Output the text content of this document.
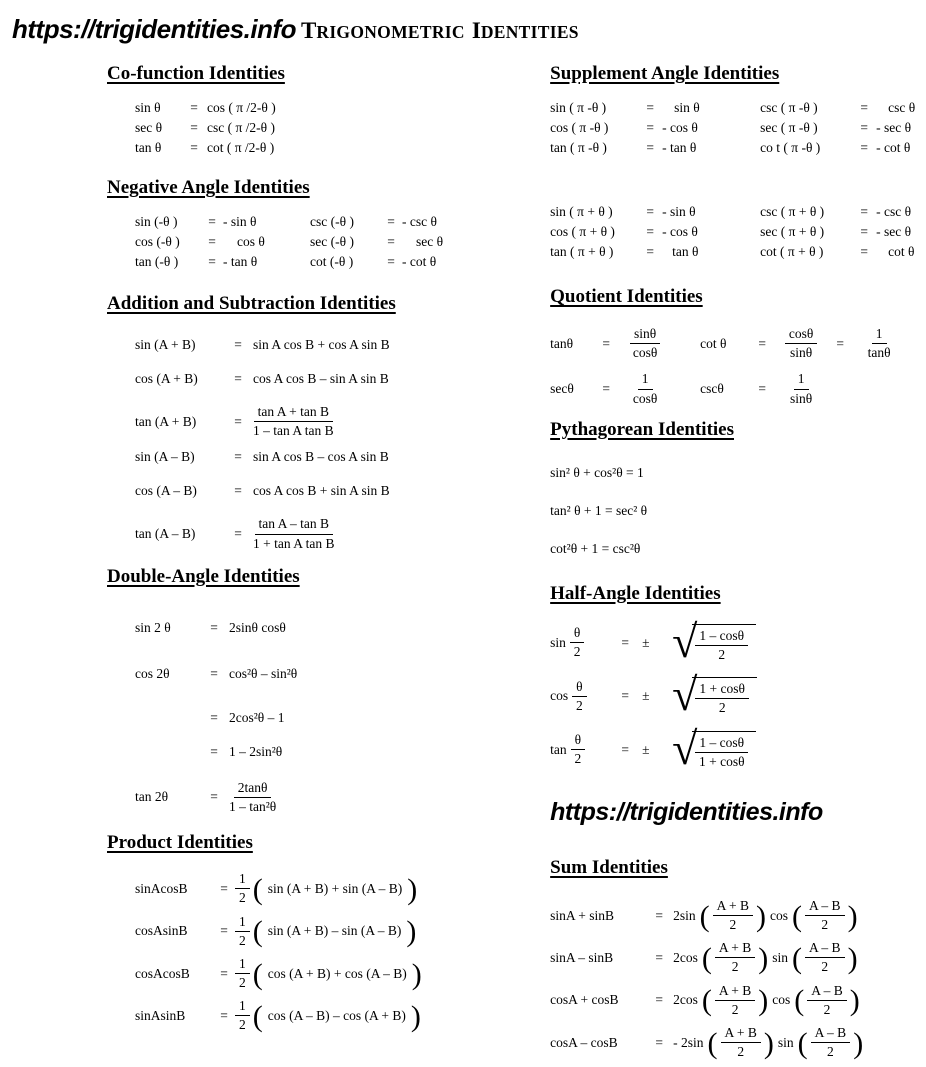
https://trigidentities.info TRIGONOMETRIC IDENTITIES
Co-function Identities
sin θ	= cos ( π /2-θ )
sec θ	= csc ( π /2-θ )
tan θ	= cot ( π /2-θ )
Negative Angle Identities
sin (-θ )	= - sin θ	csc (-θ )	= - csc θ
cos (-θ )	=	cos θ	sec (-θ )	=	sec θ
tan (-θ )	= - tan θ	cot (-θ )	= - cot θ
Addition and Subtraction Identities
sin (A + B)	= sin A cos B + cos A sin B
cos (A + B)	= cos A cos B – sin A sin B
tan (A + B)	= $\frac{\text{tan A + tan B}}{\text{1 – tan A tan B}}$
sin (A – B)	= sin A cos B – cos A sin B
cos (A – B)	= cos A cos B + sin A sin B
tan (A – B)	= $\frac{\text{tan A – tan B}}{\text{1 + tan A tan B}}$
Double-Angle Identities
sin 2 θ	= 2sinθ cosθ
cos 2θ	= cos²θ – sin²θ
= 2cos²θ – 1
= 1 – 2sin²θ
tan 2θ	= $\frac{2\tan\theta}{\text{1 – tan²θ}}$
Product Identities
sinAcosB	= $\frac{1}{2}$ ( sin (A + B) + sin (A – B) )
cosAsinB	= $\frac{1}{2}$ ( sin (A + B) – sin (A – B) )
cosAcosB	= $\frac{1}{2}$ ( cos (A + B) + cos (A – B) )
sinAsinB	= $\frac{1}{2}$ ( cos (A – B) – cos (A + B) )
Supplement Angle Identities
sin ( π -θ )	=	sin θ	csc ( π -θ )	=	csc θ
cos ( π -θ )	= - cos θ	sec ( π -θ )	= - sec θ
tan ( π -θ )	= - tan θ	co t ( π -θ )	= - cot θ
sin ( π + θ )	= - sin θ	csc ( π + θ )	= - csc θ
cos ( π + θ )	= - cos θ	sec ( π + θ )	= - sec θ
tan ( π + θ )	=	tan θ	cot ( π + θ )	=	cot θ
Quotient Identities
tanθ	=	$\frac{\sin\theta}{\cos\theta}$	cot θ	=	$\frac{\cos\theta}{\sin\theta}$	=	$\frac{1}{\tan\theta}$
secθ	=	$\frac{1}{\cos\theta}$	cscθ	=	$\frac{1}{\sin\theta}$
Pythagorean Identities
sin² θ + cos²θ = 1
tan² θ + 1 = sec² θ
cot²θ + 1 = csc²θ
Half-Angle Identities
$\sin \frac{\theta}{2}$	= ± √
$\frac{1 - \cos\theta}{2}$
$\cos \frac{\theta}{2}$	= ± √
$\frac{1 + \cos\theta}{2}$
$\tan \frac{\theta}{2}$	= ± √
$\frac{1 - \cos\theta}{1 + \cos\theta}$
https://trigidentities.info
Sum Identities
sinA + sinB	= 2sin ( $\frac{A + B}{2}$ ) cos ( $\frac{A - B}{2}$ )
sinA – sinB	= 2cos ( $\frac{A + B}{2}$ ) sin ( $\frac{A - B}{2}$ )
cosA + cosB	= 2cos ( $\frac{A + B}{2}$ ) cos ( $\frac{A - B}{2}$ )
cosA – cosB	= - 2sin ( $\frac{A + B}{2}$ ) sin ( $\frac{A - B}{2}$ )
